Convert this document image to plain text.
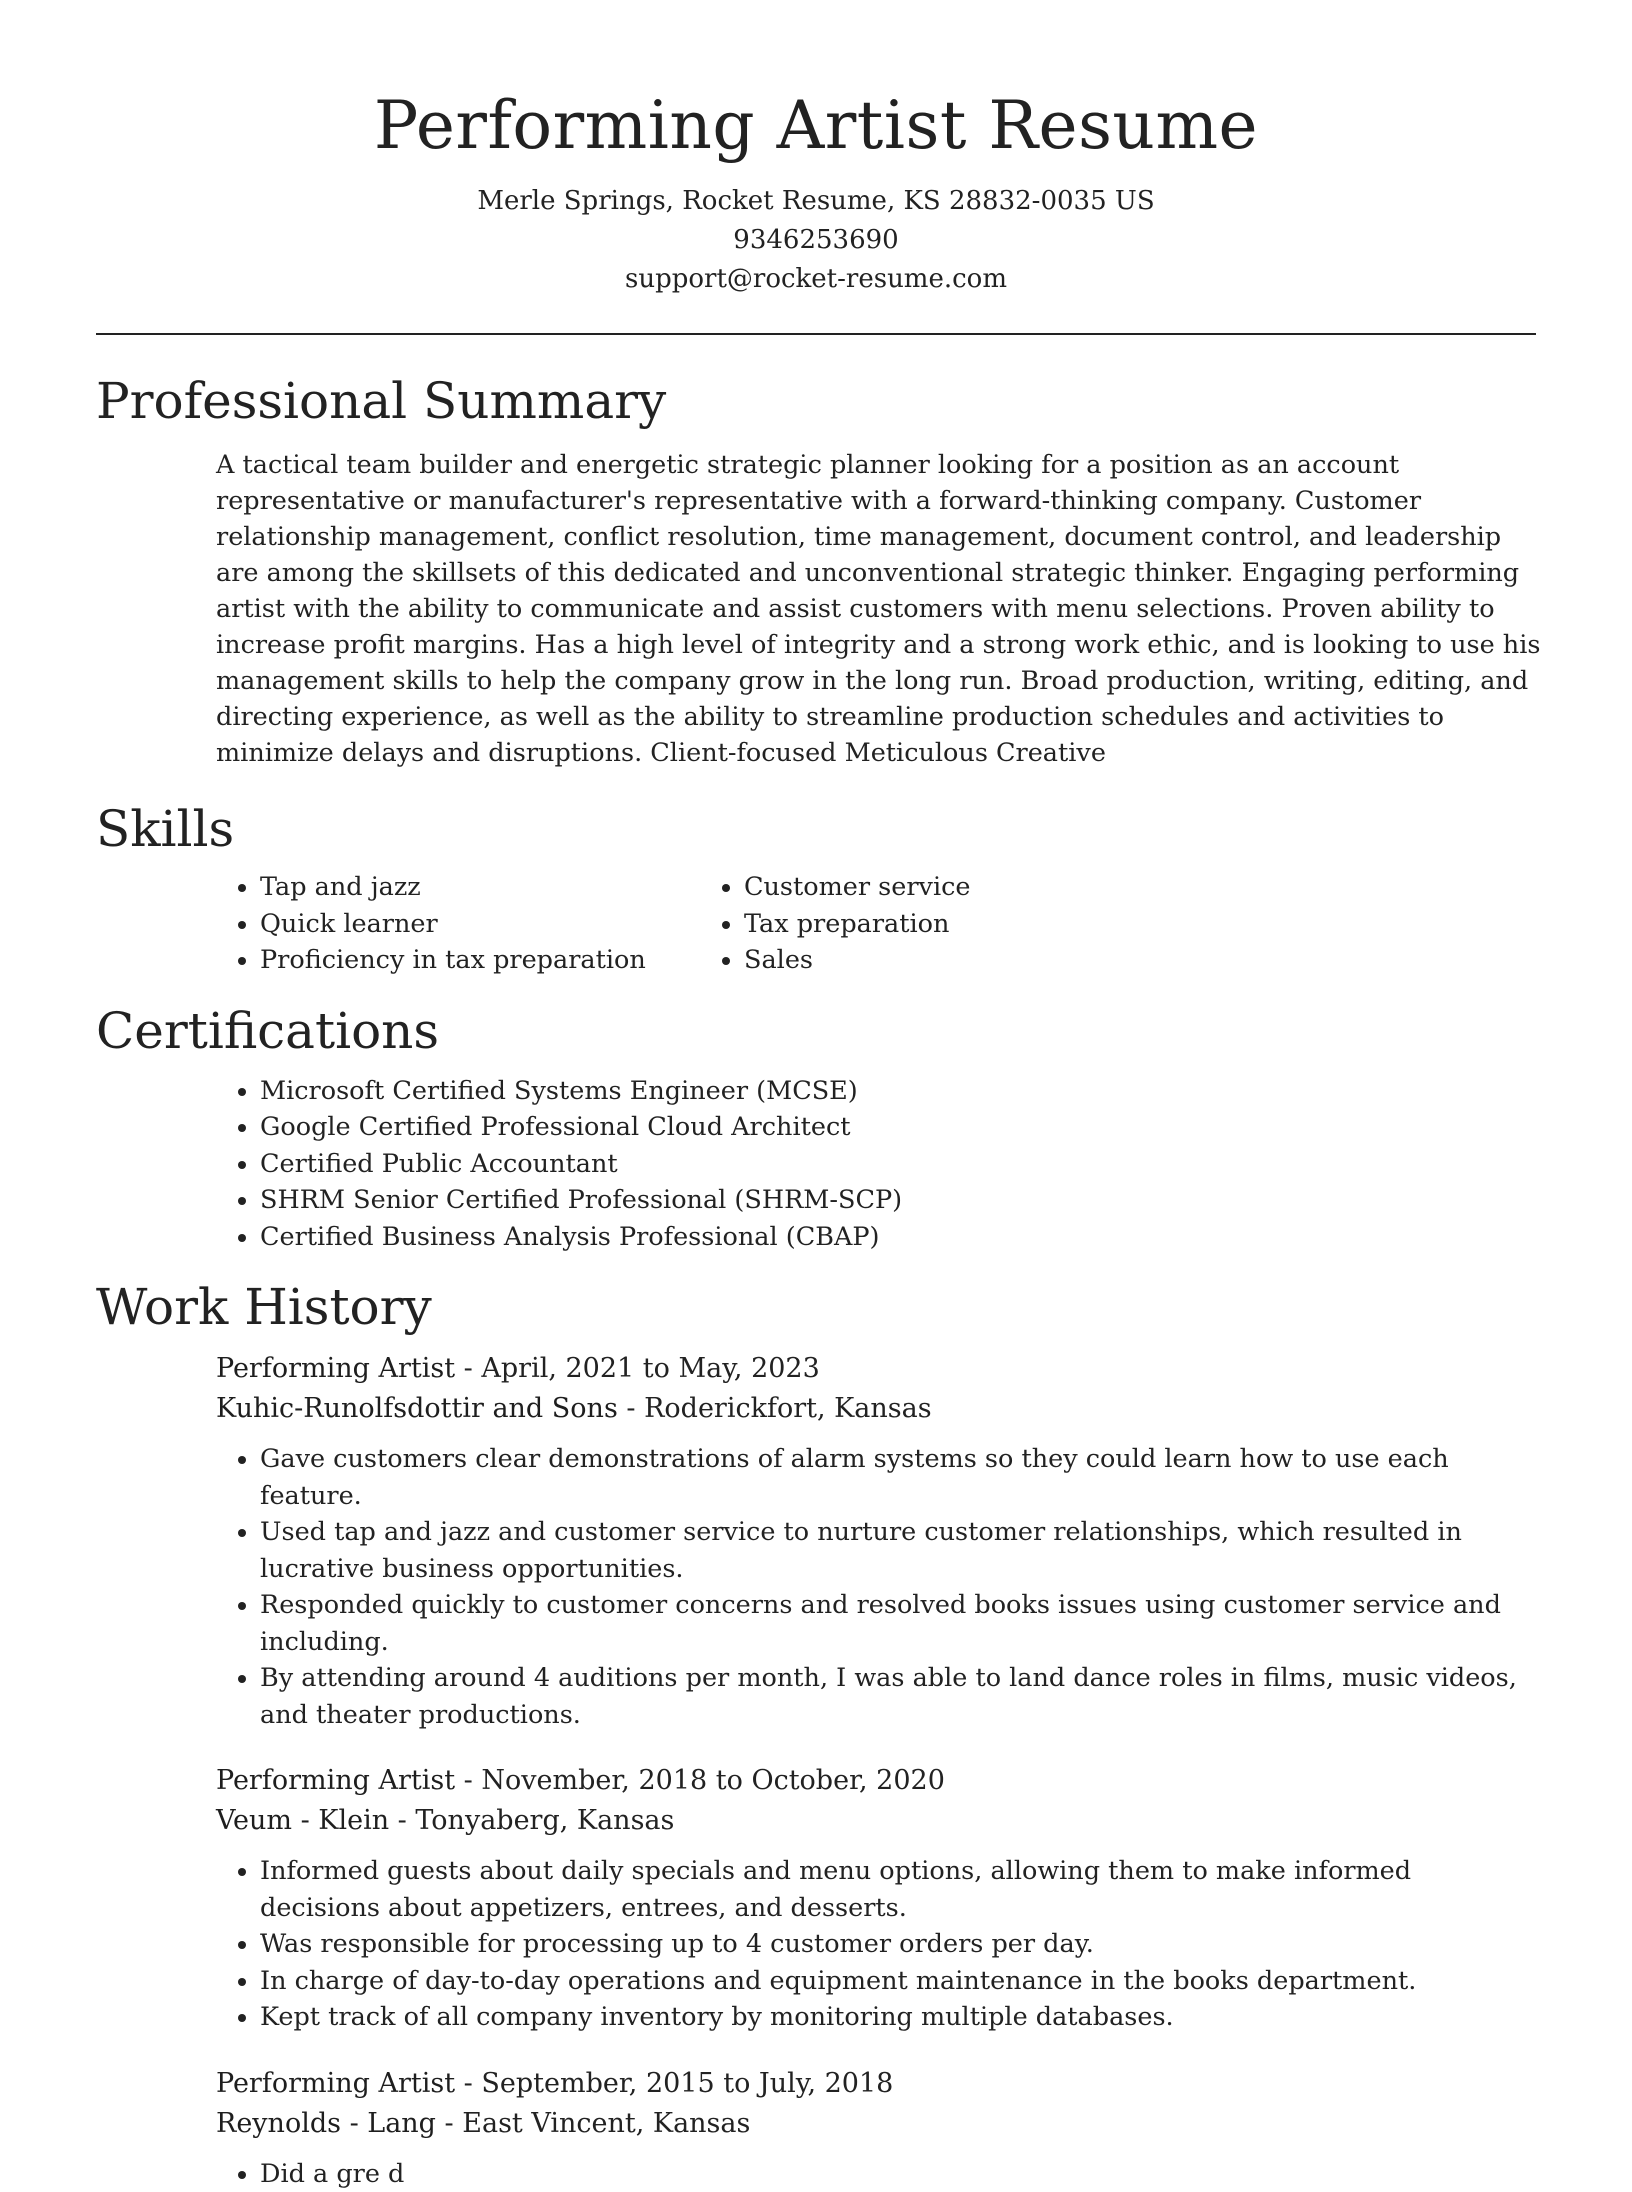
Performing Artist Resume
Merle Springs, Rocket Resume, KS 28832-0035 US
9346253690
support@rocket-resume.com
Professional Summary
A tactical team builder and energetic strategic planner looking for a position as an account representative or manufacturer's representative with a forward-thinking company. Customer relationship management, conflict resolution, time management, document control, and leadership are among the skillsets of this dedicated and unconventional strategic thinker. Engaging performing artist with the ability to communicate and assist customers with menu selections. Proven ability to increase profit margins. Has a high level of integrity and a strong work ethic, and is looking to use his management skills to help the company grow in the long run. Broad production, writing, editing, and directing experience, as well as the ability to streamline production schedules and activities to minimize delays and disruptions. Client-focused Meticulous Creative
Skills
• Tap and jazz
• Quick learner
• Proficiency in tax preparation
• Customer service
• Tax preparation
• Sales
Certifications
• Microsoft Certified Systems Engineer (MCSE)
• Google Certified Professional Cloud Architect
• Certified Public Accountant
• SHRM Senior Certified Professional (SHRM-SCP)
• Certified Business Analysis Professional (CBAP)
Work History
Performing Artist - April, 2021 to May, 2023
Kuhic-Runolfsdottir and Sons - Roderickfort, Kansas
• Gave customers clear demonstrations of alarm systems so they could learn how to use each feature.
• Used tap and jazz and customer service to nurture customer relationships, which resulted in lucrative business opportunities.
• Responded quickly to customer concerns and resolved books issues using customer service and including.
• By attending around 4 auditions per month, I was able to land dance roles in films, music videos, and theater productions.
Performing Artist - November, 2018 to October, 2020
Veum - Klein - Tonyaberg, Kansas
• Informed guests about daily specials and menu options, allowing them to make informed decisions about appetizers, entrees, and desserts.
• Was responsible for processing up to 4 customer orders per day.
• In charge of day-to-day operations and equipment maintenance in the books department.
• Kept track of all company inventory by monitoring multiple databases.
Performing Artist - September, 2015 to July, 2018
Reynolds - Lang - East Vincent, Kansas
• Did a gre d
